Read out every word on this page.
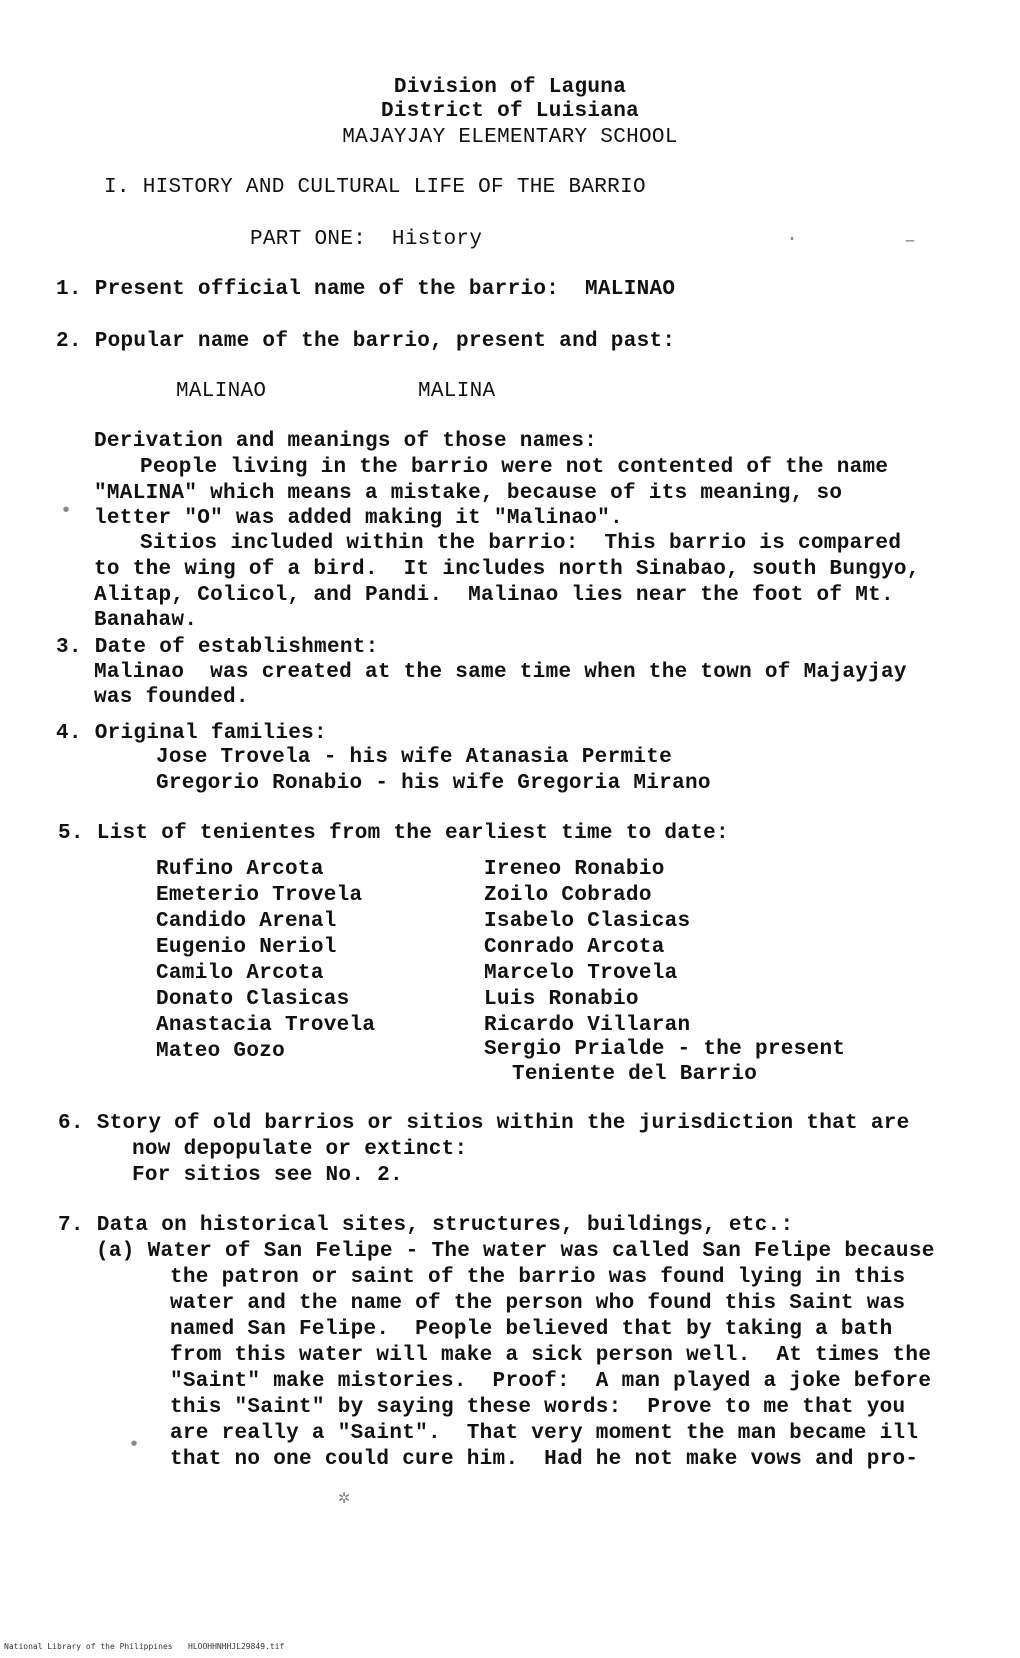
Division of Laguna
District of Luisiana
MAJAYJAY ELEMENTARY SCHOOL
I. HISTORY AND CULTURAL LIFE OF THE BARRIO
PART ONE:  History
1. Present official name of the barrio:  MALINAO
2. Popular name of the barrio, present and past:
MALINAO	MALINA
Derivation and meanings of those names:
People living in the barrio were not contented of the name
"MALINA" which means a mistake, because of its meaning, so
letter "O" was added making it "Malinao".
Sitios included within the barrio:  This barrio is compared
to the wing of a bird.  It includes north Sinabao, south Bungyo,
Alitap, Colicol, and Pandi.  Malinao lies near the foot of Mt.
Banahaw.
3. Date of establishment:
Malinao  was created at the same time when the town of Majayjay
was founded.
4. Original families:
Jose Trovela - his wife Atanasia Permite
Gregorio Ronabio - his wife Gregoria Mirano
5. List of tenientes from the earliest time to date:
Rufino Arcota
Emeterio Trovela
Candido Arenal
Eugenio Neriol
Camilo Arcota
Donato Clasicas
Anastacia Trovela
Mateo Gozo
Ireneo Ronabio
Zoilo Cobrado
Isabelo Clasicas
Conrado Arcota
Marcelo Trovela
Luis Ronabio
Ricardo Villaran
Sergio Prialde - the present
Teniente del Barrio
6. Story of old barrios or sitios within the jurisdiction that are
now depopulate or extinct:
For sitios see No. 2.
7. Data on historical sites, structures, buildings, etc.:
(a) Water of San Felipe - The water was called San Felipe because
the patron or saint of the barrio was found lying in this
water and the name of the person who found this Saint was
named San Felipe.  People believed that by taking a bath
from this water will make a sick person well.  At times the
"Saint" make mistories.  Proof:  A man played a joke before
this "Saint" by saying these words:  Prove to me that you
are really a "Saint".  That very moment the man became ill
that no one could cure him.  Had he not make vows and pro-
•
•
✲
–
·
National Library of the Philippines HLOOHHNHHJL29849.tif
